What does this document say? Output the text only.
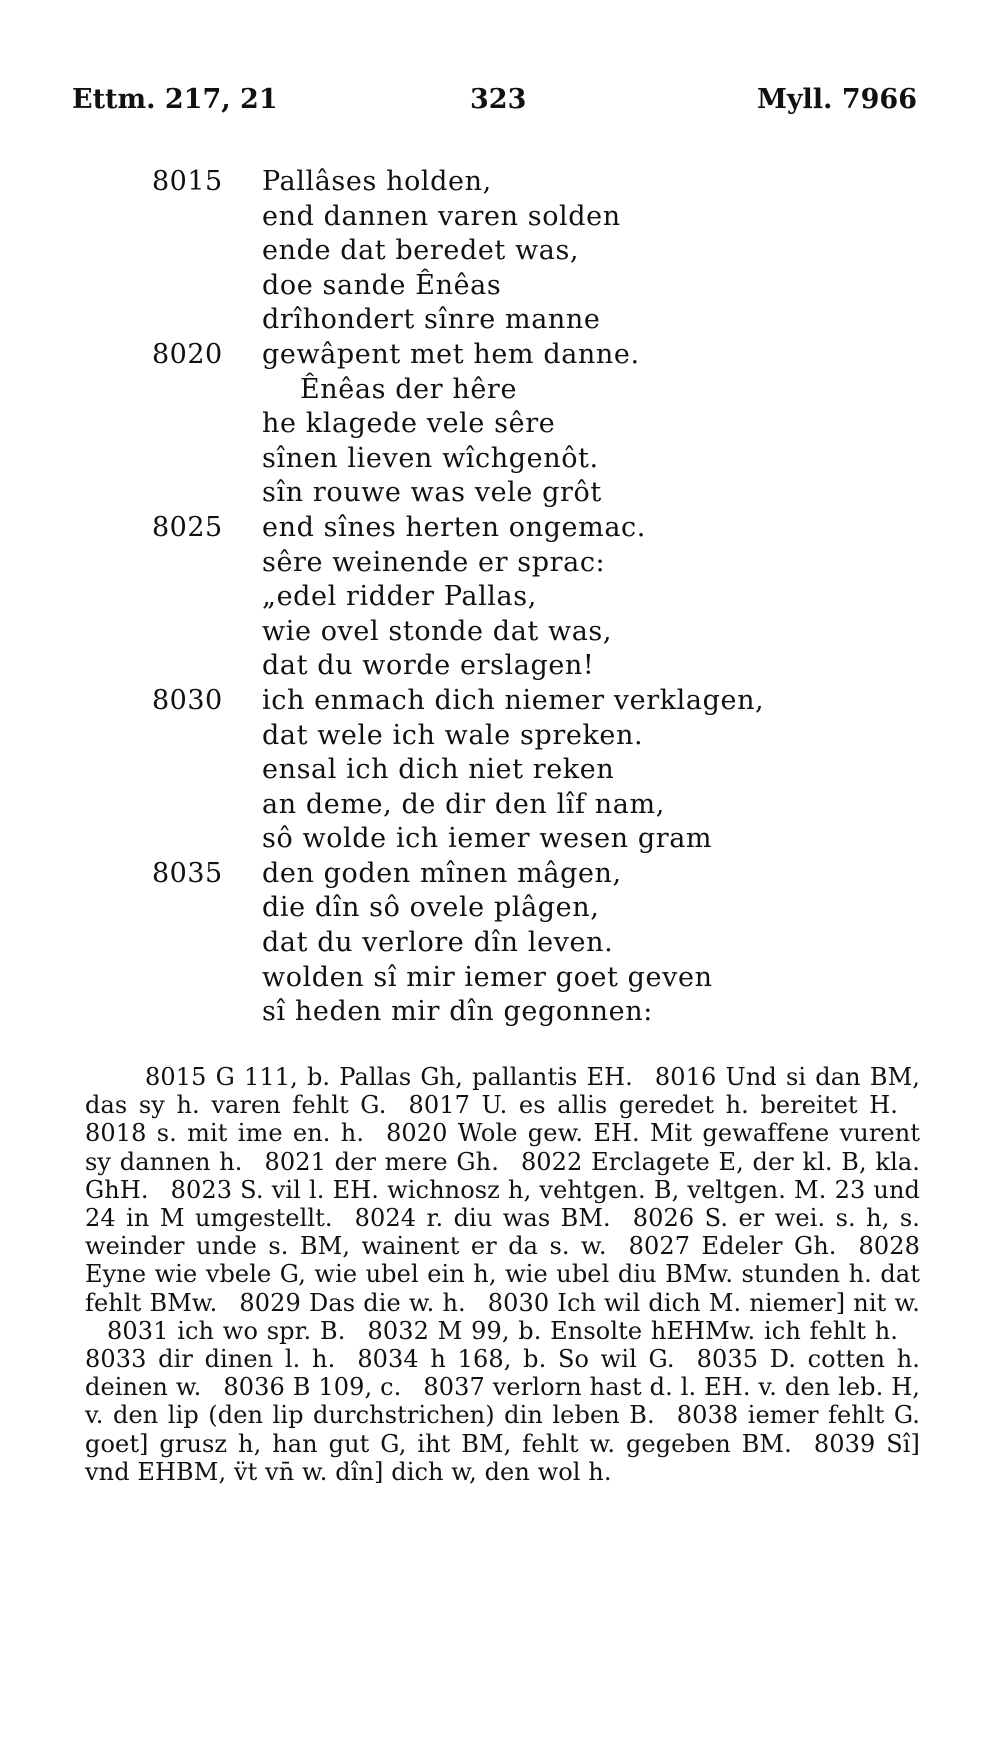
Ettm. 217, 21	323	Myll. 7966
8015	Pallâses holden,
end dannen varen solden
ende dat beredet was,
doe sande Ênêas
drîhondert sînre manne
8020	gewâpent met hem danne.
Ênêas der hêre
he klagede vele sêre
sînen lieven wîchgenôt.
sîn rouwe was vele grôt
8025	end sînes herten ongemac.
sêre weinende er sprac:
„edel ridder Pallas,
wie ovel stonde dat was,
dat du worde erslagen!
8030	ich enmach dich niemer verklagen,
dat wele ich wale spreken.
ensal ich dich niet reken
an deme, de dir den lîf nam,
sô wolde ich iemer wesen gram
8035	den goden mînen mâgen,
die dîn sô ovele plâgen,
dat du verlore dîn leven.
wolden sî mir iemer goet geven
sî heden mir dîn gegonnen:
8015 G 111, b. Pallas Gh, pallantis EH. 8016 Und si dan BM, das sy h. varen fehlt G. 8017 U. es allis geredet h. bereitet H.8018 s. mit ime en. h. 8020 Wole gew. EH. Mit gewaffene vurent sy dannen h. 8021 der mere Gh. 8022 Erclagete E, der kl. B, kla. GhH. 8023 S. vil l. EH. wichnosz h, vehtgen. B, veltgen. M. 23 und 24 in M umgestellt. 8024 r. diu was BM. 8026 S. er wei. s. h, s. weinder unde s. BM, wainent er da s. w. 8027 Edeler Gh. 8028 Eyne wie vbele G, wie ubel ein h, wie ubel diu BMw. stunden h. dat fehlt BMw. 8029 Das die w. h. 8030 Ich wil dich M. niemer] nit w.8031 ich wo spr. B. 8032 M 99, b. Ensolte hEHMw. ich fehlt h.8033 dir dinen l. h. 8034 h 168, b. So wil G. 8035 D. cotten h. deinen w. 8036 B 109, c. 8037 verlorn hast d. l. EH. v. den leb. H, v. den lip (den lip durchstrichen) din leben B. 8038 iemer fehlt G. goet] grusz h, han gut G, iht BM, fehlt w. gegeben BM. 8039 Sî] vnd EHBM, v̈t vn̄ w. dîn] dich w, den wol h.
